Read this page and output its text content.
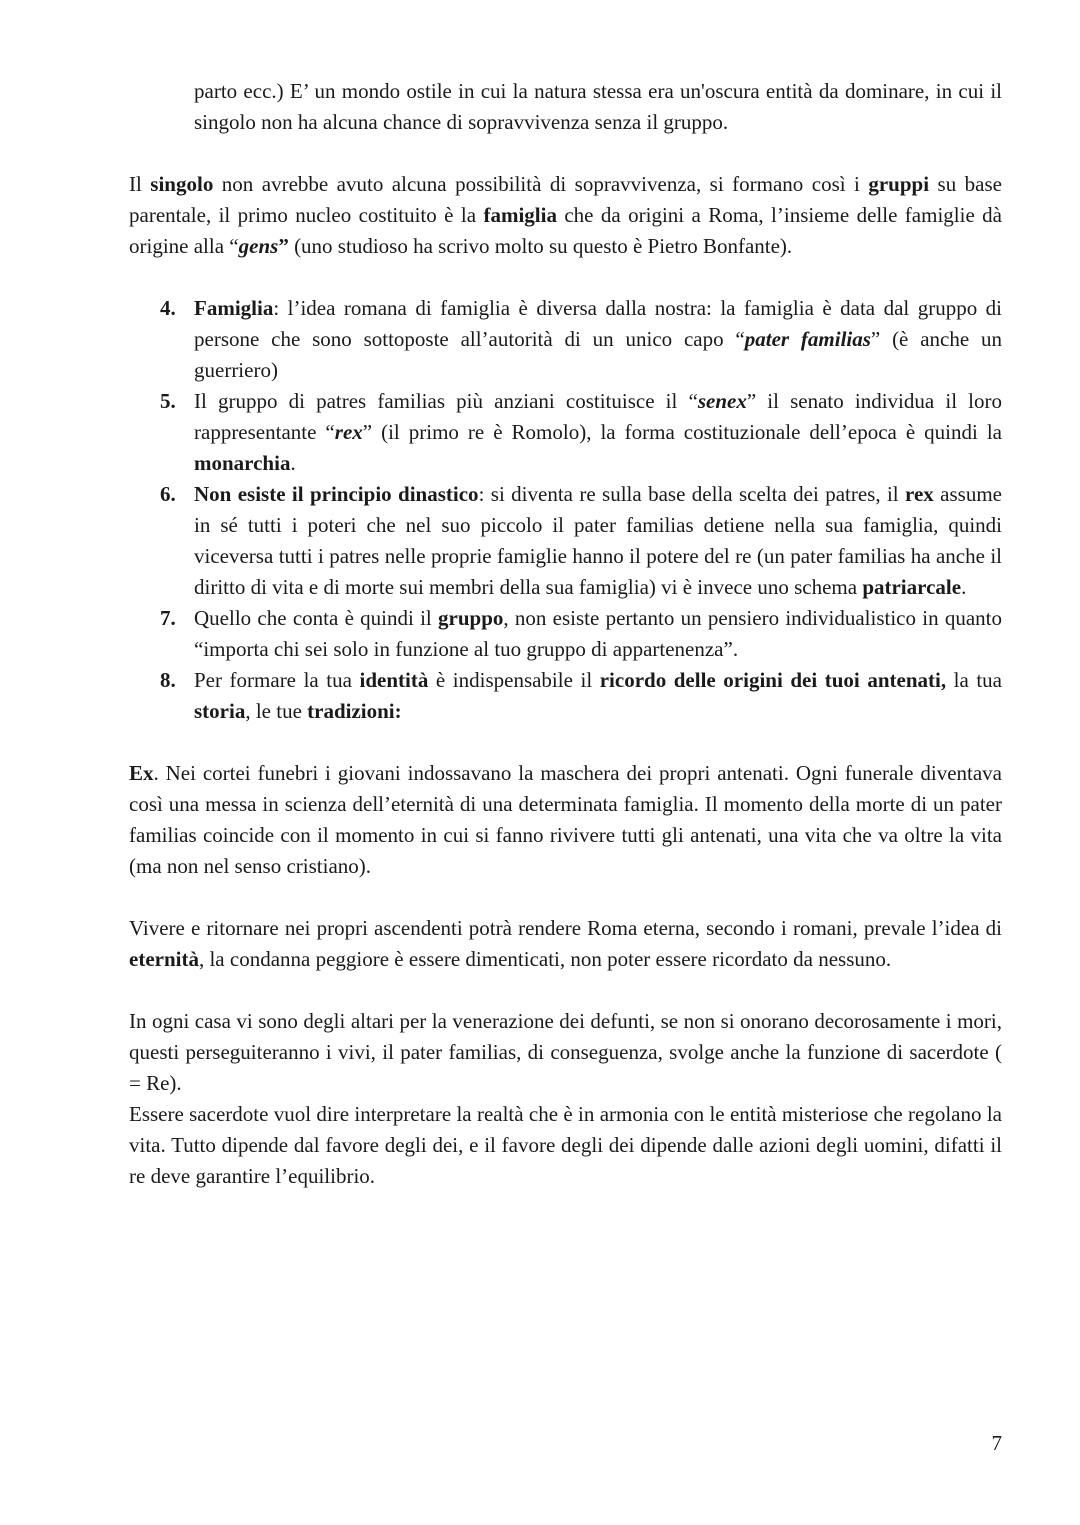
parto ecc.) E’ un mondo ostile in cui la natura stessa era un'oscura entità da dominare, in cui il singolo non ha alcuna chance di sopravvivenza senza il gruppo.

Il singolo non avrebbe avuto alcuna possibilità di sopravvivenza, si formano così i gruppi su base parentale, il primo nucleo costituito è la famiglia che da origini a Roma, l’insieme delle famiglie dà origine alla “gens” (uno studioso ha scrivo molto su questo è Pietro Bonfante).

4. Famiglia: l’idea romana di famiglia è diversa dalla nostra: la famiglia è data dal gruppo di persone che sono sottoposte all’autorità di un unico capo “pater familias” (è anche un guerriero)
5. Il gruppo di patres familias più anziani costituisce il “senex” il senato individua il loro rappresentante “rex” (il primo re è Romolo), la forma costituzionale dell’epoca è quindi la monarchia.
6. Non esiste il principio dinastico: si diventa re sulla base della scelta dei patres, il rex assume in sé tutti i poteri che nel suo piccolo il pater familias detiene nella sua famiglia, quindi viceversa tutti i patres nelle proprie famiglie hanno il potere del re (un pater familias ha anche il diritto di vita e di morte sui membri della sua famiglia) vi è invece uno schema patriarcale.
7. Quello che conta è quindi il gruppo, non esiste pertanto un pensiero individualistico in quanto “importa chi sei solo in funzione al tuo gruppo di appartenenza”.
8. Per formare la tua identità è indispensabile il ricordo delle origini dei tuoi antenati, la tua storia, le tue tradizioni:

Ex. Nei cortei funebri i giovani indossavano la maschera dei propri antenati. Ogni funerale diventava così una messa in scienza dell’eternità di una determinata famiglia. Il momento della morte di un pater familias coincide con il momento in cui si fanno rivivere tutti gli antenati, una vita che va oltre la vita (ma non nel senso cristiano).

Vivere e ritornare nei propri ascendenti potrà rendere Roma eterna, secondo i romani, prevale l’idea di eternità, la condanna peggiore è essere dimenticati, non poter essere ricordato da nessuno.

In ogni casa vi sono degli altari per la venerazione dei defunti, se non si onorano decorosamente i mori, questi perseguiteranno i vivi, il pater familias, di conseguenza, svolge anche la funzione di sacerdote ( = Re).

Essere sacerdote vuol dire interpretare la realtà che è in armonia con le entità misteriose che regolano la vita. Tutto dipende dal favore degli dei, e il favore degli dei dipende dalle azioni degli uomini, difatti il re deve garantire l’equilibrio.

7
